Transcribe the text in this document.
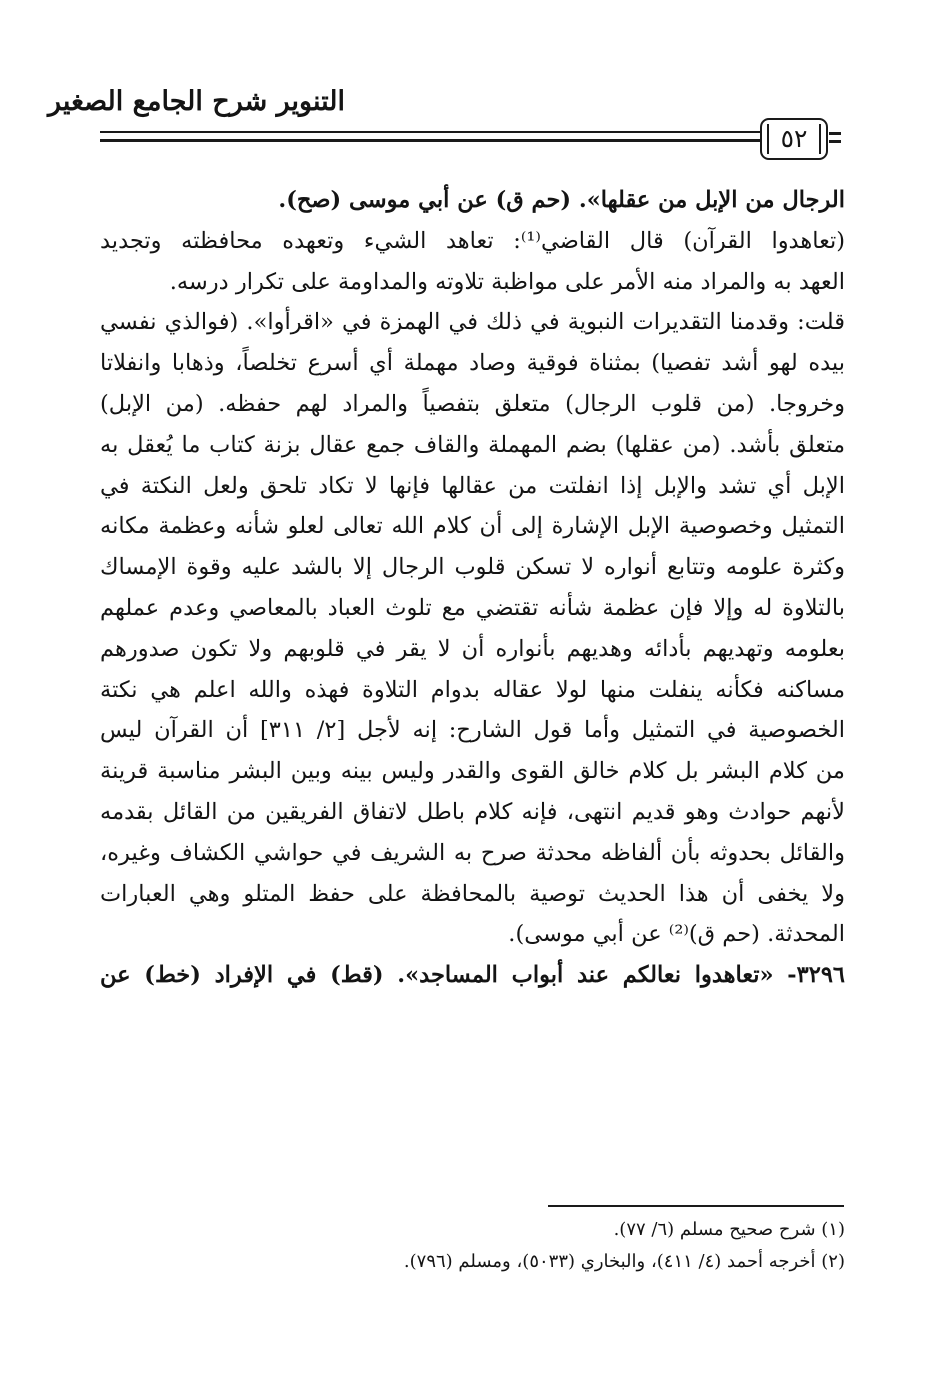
التنوير شرح الجامع الصغير
٥٢
الرجال من الإبل من عقلها». (حم ق) عن أبي موسى (صح).
(تعاهدوا القرآن) قال القاضي⁽¹⁾: تعاهد الشيء وتعهده محافظته وتجديد
العهد به والمراد منه الأمر على مواظبة تلاوته والمداومة على تكرار درسه.
قلت: وقدمنا التقديرات النبوية في ذلك في الهمزة في «اقرأوا». (فوالذي نفسي
بيده لهو أشد تفصيا) بمثناة فوقية وصاد مهملة أي أسرع تخلصاً، وذهابا وانفلاتا
وخروجا. (من قلوب الرجال) متعلق بتفصياً والمراد لهم حفظه. (من الإبل)
متعلق بأشد. (من عقلها) بضم المهملة والقاف جمع عقال بزنة كتاب ما يُعقل به
الإبل أي تشد والإبل إذا انفلتت من عقالها فإنها لا تكاد تلحق ولعل النكتة في
التمثيل وخصوصية الإبل الإشارة إلى أن كلام الله تعالى لعلو شأنه وعظمة مكانه
وكثرة علومه وتتابع أنواره لا تسكن قلوب الرجال إلا بالشد عليه وقوة الإمساك
بالتلاوة له وإلا فإن عظمة شأنه تقتضي مع تلوث العباد بالمعاصي وعدم عملهم
بعلومه وتهديهم بأدائه وهديهم بأنواره أن لا يقر في قلوبهم ولا تكون صدورهم
مساكنه فكأنه ينفلت منها لولا عقاله بدوام التلاوة فهذه والله اعلم هي نكتة
الخصوصية في التمثيل وأما قول الشارح: إنه لأجل [٢/ ٣١١] أن القرآن ليس
من كلام البشر بل كلام خالق القوى والقدر وليس بينه وبين البشر مناسبة قرينة
لأنهم حوادث وهو قديم انتهى، فإنه كلام باطل لاتفاق الفريقين من القائل بقدمه
والقائل بحدوثه بأن ألفاظه محدثة صرح به الشريف في حواشي الكشاف وغيره،
ولا يخفى أن هذا الحديث توصية بالمحافظة على حفظ المتلو وهي العبارات
المحدثة. (حم ق)⁽²⁾ عن أبي موسى).
٣٢٩٦- «تعاهدوا نعالكم عند أبواب المساجد». (قط) في الإفراد (خط) عن
(١) شرح صحيح مسلم (٦/ ٧٧).
(٢) أخرجه أحمد (٤/ ٤١١)، والبخاري (٥٠٣٣)، ومسلم (٧٩٦).
